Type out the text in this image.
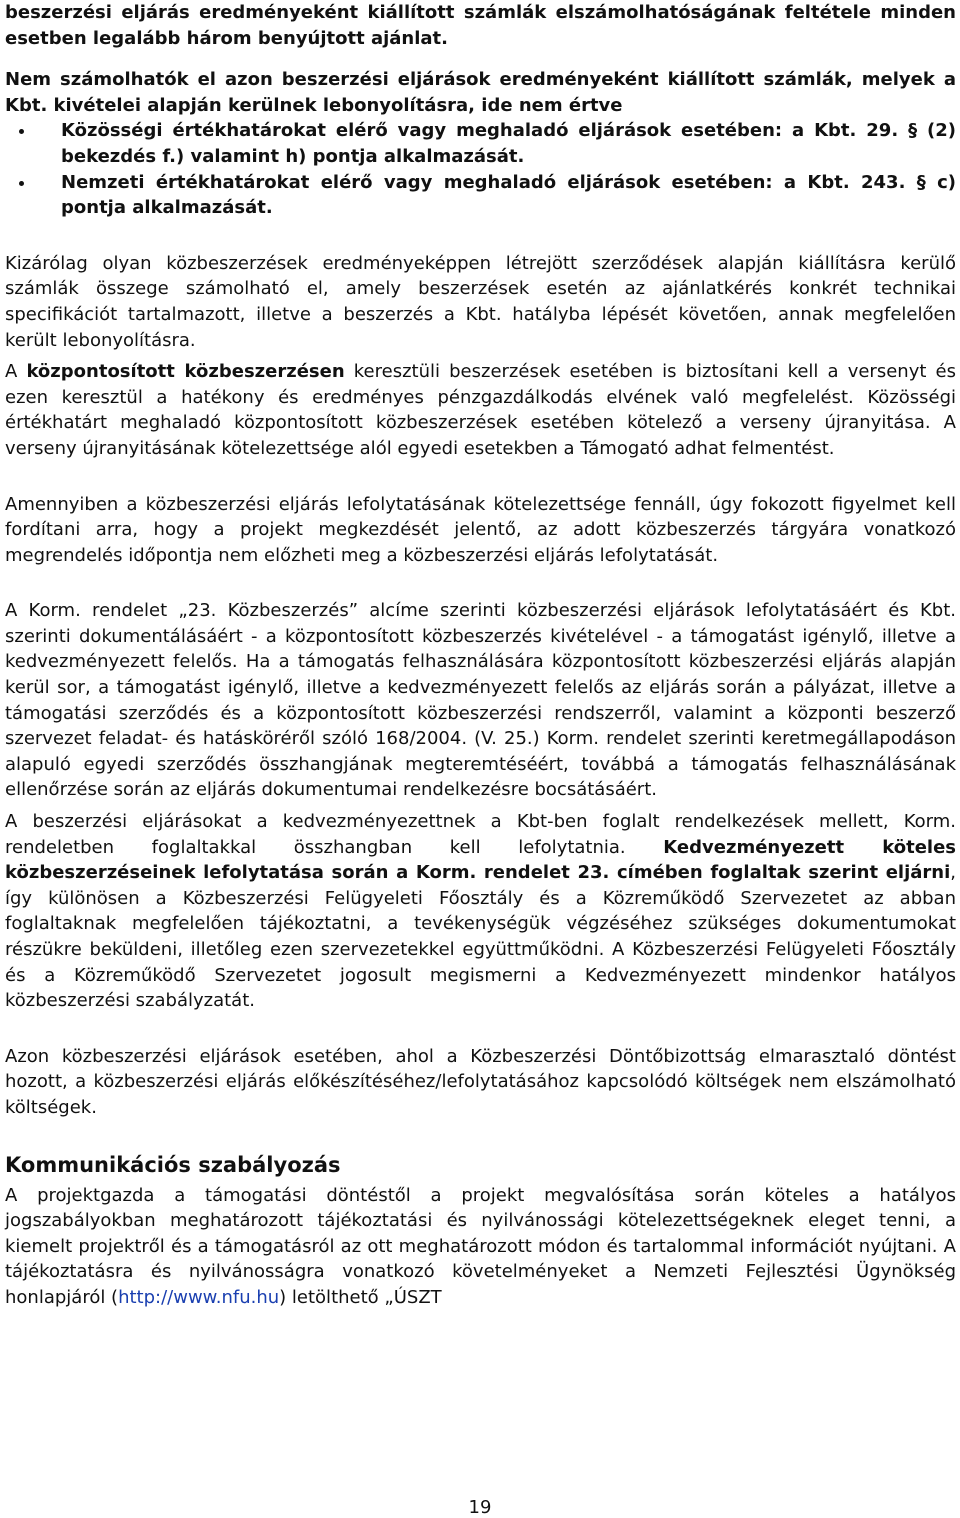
beszerzési eljárás eredményeként kiállított számlák elszámolhatóságának feltétele minden esetben legalább három benyújtott ajánlat.

Nem számolhatók el azon beszerzési eljárások eredményeként kiállított számlák, melyek a Kbt. kivételei alapján kerülnek lebonyolításra, ide nem értve

Közösségi értékhatárokat elérő vagy meghaladó eljárások esetében: a Kbt. 29. § (2) bekezdés f.) valamint h) pontja alkalmazását.
Nemzeti értékhatárokat elérő vagy meghaladó eljárások esetében: a Kbt. 243. § c) pontja alkalmazását.

Kizárólag olyan közbeszerzések eredményeképpen létrejött szerződések alapján kiállításra kerülő számlák összege számolható el, amely beszerzések esetén az ajánlatkérés konkrét technikai specifikációt tartalmazott, illetve a beszerzés a Kbt. hatályba lépését követően, annak megfelelően került lebonyolításra.

A központosított közbeszerzésen keresztüli beszerzések esetében is biztosítani kell a versenyt és ezen keresztül a hatékony és eredményes pénzgazdálkodás elvének való megfelelést. Közösségi értékhatárt meghaladó központosított közbeszerzések esetében kötelező a verseny újranyitása. A verseny újranyitásának kötelezettsége alól egyedi esetekben a Támogató adhat felmentést.

Amennyiben a közbeszerzési eljárás lefolytatásának kötelezettsége fennáll, úgy fokozott figyelmet kell fordítani arra, hogy a projekt megkezdését jelentő, az adott közbeszerzés tárgyára vonatkozó megrendelés időpontja nem előzheti meg a közbeszerzési eljárás lefolytatását.

A Korm. rendelet „23. Közbeszerzés” alcíme szerinti közbeszerzési eljárások lefolytatásáért és Kbt. szerinti dokumentálásáért - a központosított közbeszerzés kivételével - a támogatást igénylő, illetve a kedvezményezett felelős. Ha a támogatás felhasználására központosított közbeszerzési eljárás alapján kerül sor, a támogatást igénylő, illetve a kedvezményezett felelős az eljárás során a pályázat, illetve a támogatási szerződés és a központosított közbeszerzési rendszerről, valamint a központi beszerző szervezet feladat- és hatásköréről szóló 168/2004. (V. 25.) Korm. rendelet szerinti keretmegállapodáson alapuló egyedi szerződés összhangjának megteremtéséért, továbbá a támogatás felhasználásának ellenőrzése során az eljárás dokumentumai rendelkezésre bocsátásáért.

A beszerzési eljárásokat a kedvezményezettnek a Kbt-ben foglalt rendelkezések mellett, Korm. rendeletben foglaltakkal összhangban kell lefolytatnia. Kedvezményezett köteles közbeszerzéseinek lefolytatása során a Korm. rendelet 23. címében foglaltak szerint eljárni, így különösen a Közbeszerzési Felügyeleti Főosztály és a Közreműködő Szervezetet az abban foglaltaknak megfelelően tájékoztatni, a tevékenységük végzéséhez szükséges dokumentumokat részükre beküldeni, illetőleg ezen szervezetekkel együttműködni. A Közbeszerzési Felügyeleti Főosztály és a Közreműködő Szervezetet jogosult megismerni a Kedvezményezett mindenkor hatályos közbeszerzési szabályzatát.

Azon közbeszerzési eljárások esetében, ahol a Közbeszerzési Döntőbizottság elmarasztaló döntést hozott, a közbeszerzési eljárás előkészítéséhez/lefolytatásához kapcsolódó költségek nem elszámolható költségek.

Kommunikációs szabályozás

A projektgazda a támogatási döntéstől a projekt megvalósítása során köteles a hatályos jogszabályokban meghatározott tájékoztatási és nyilvánossági kötelezettségeknek eleget tenni, a kiemelt projektről és a támogatásról az ott meghatározott módon és tartalommal információt nyújtani. A tájékoztatásra és nyilvánosságra vonatkozó követelményeket a Nemzeti Fejlesztési Ügynökség honlapjáról (http://www.nfu.hu) letölthető „ÚSZT

19
